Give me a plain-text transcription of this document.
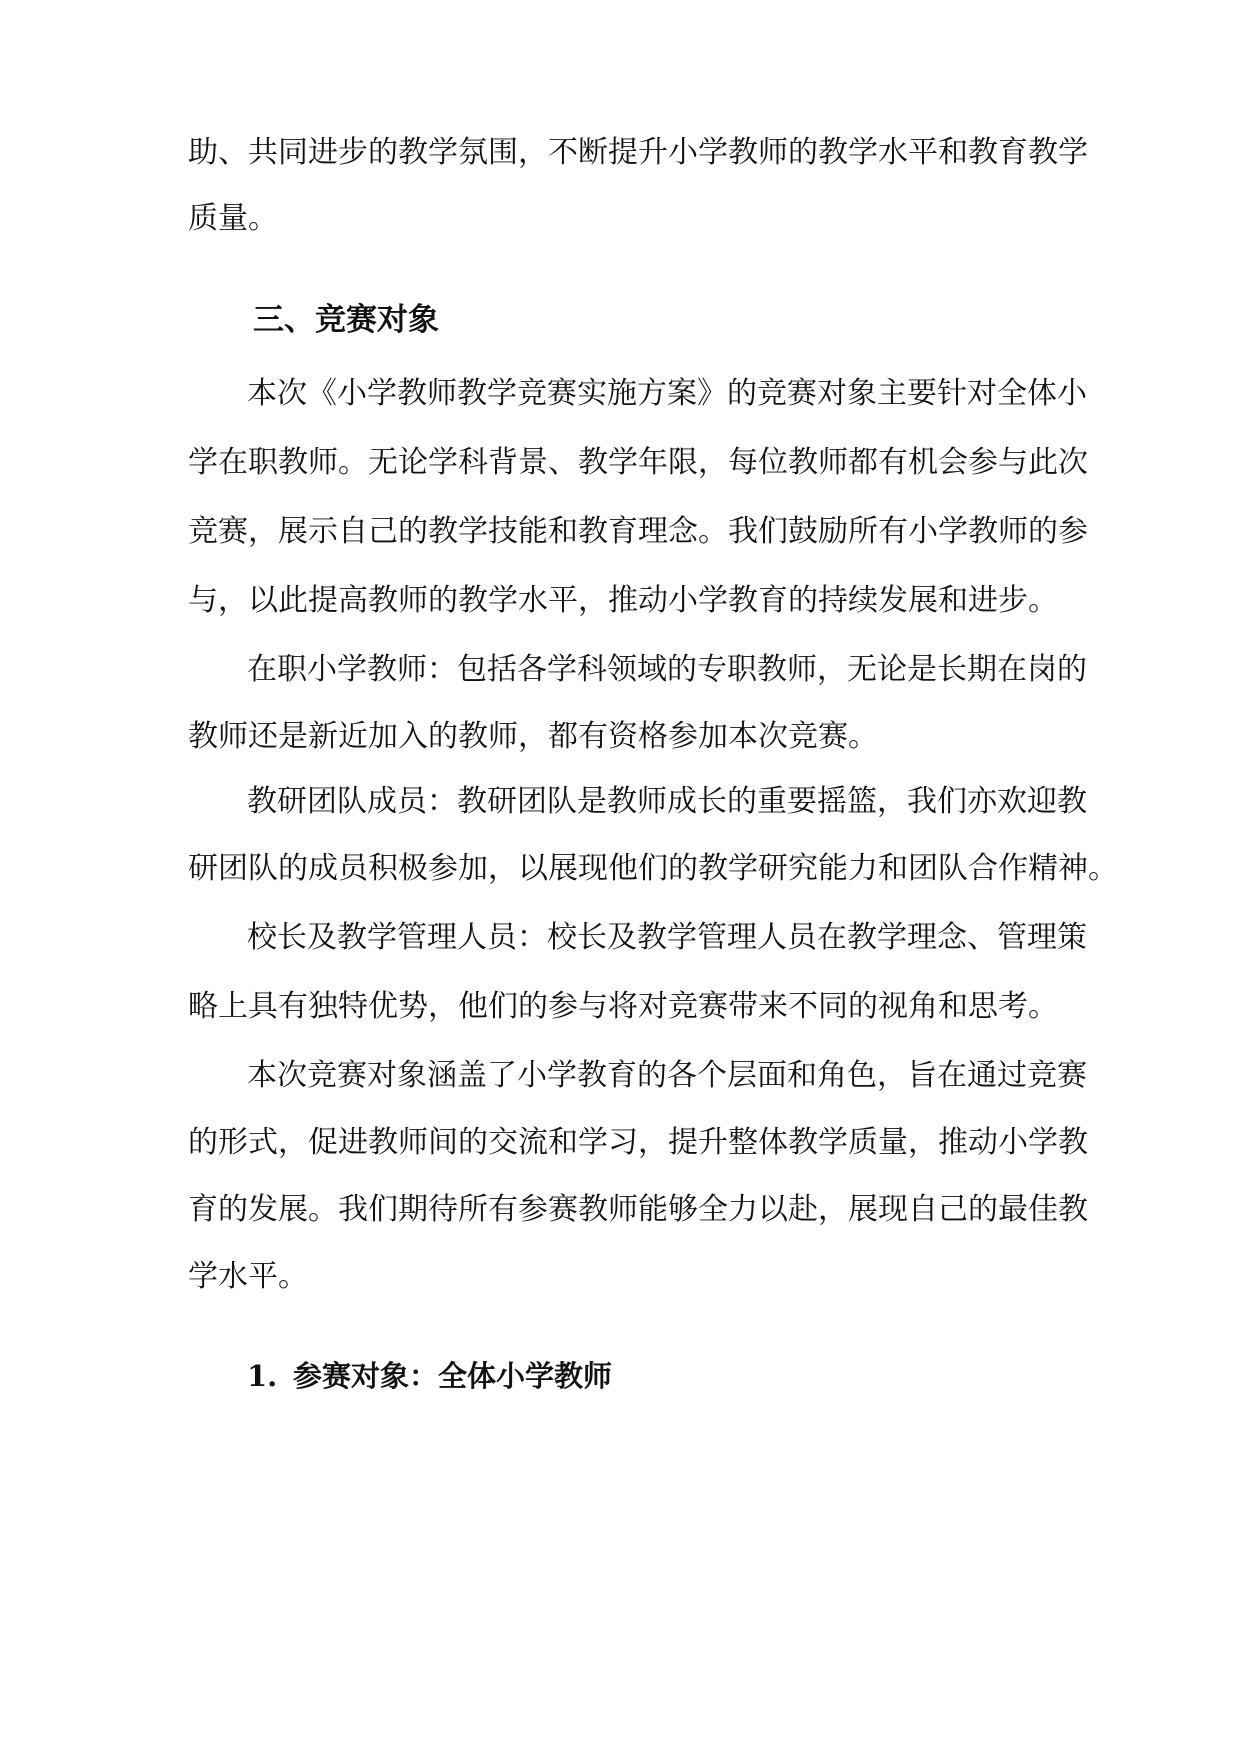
助、共同进步的教学氛围，不断提升小学教师的教学水平和教育教学
质量。
三、竞赛对象
本次《小学教师教学竞赛实施方案》的竞赛对象主要针对全体小
学在职教师。无论学科背景、教学年限，每位教师都有机会参与此次
竞赛，展示自己的教学技能和教育理念。我们鼓励所有小学教师的参
与，以此提高教师的教学水平，推动小学教育的持续发展和进步。
在职小学教师：包括各学科领域的专职教师，无论是长期在岗的
教师还是新近加入的教师，都有资格参加本次竞赛。
教研团队成员：教研团队是教师成长的重要摇篮，我们亦欢迎教
研团队的成员积极参加，以展现他们的教学研究能力和团队合作精神。
校长及教学管理人员：校长及教学管理人员在教学理念、管理策
略上具有独特优势，他们的参与将对竞赛带来不同的视角和思考。
本次竞赛对象涵盖了小学教育的各个层面和角色，旨在通过竞赛
的形式，促进教师间的交流和学习，提升整体教学质量，推动小学教
育的发展。我们期待所有参赛教师能够全力以赴，展现自己的最佳教
学水平。
1. 参赛对象：全体小学教师
